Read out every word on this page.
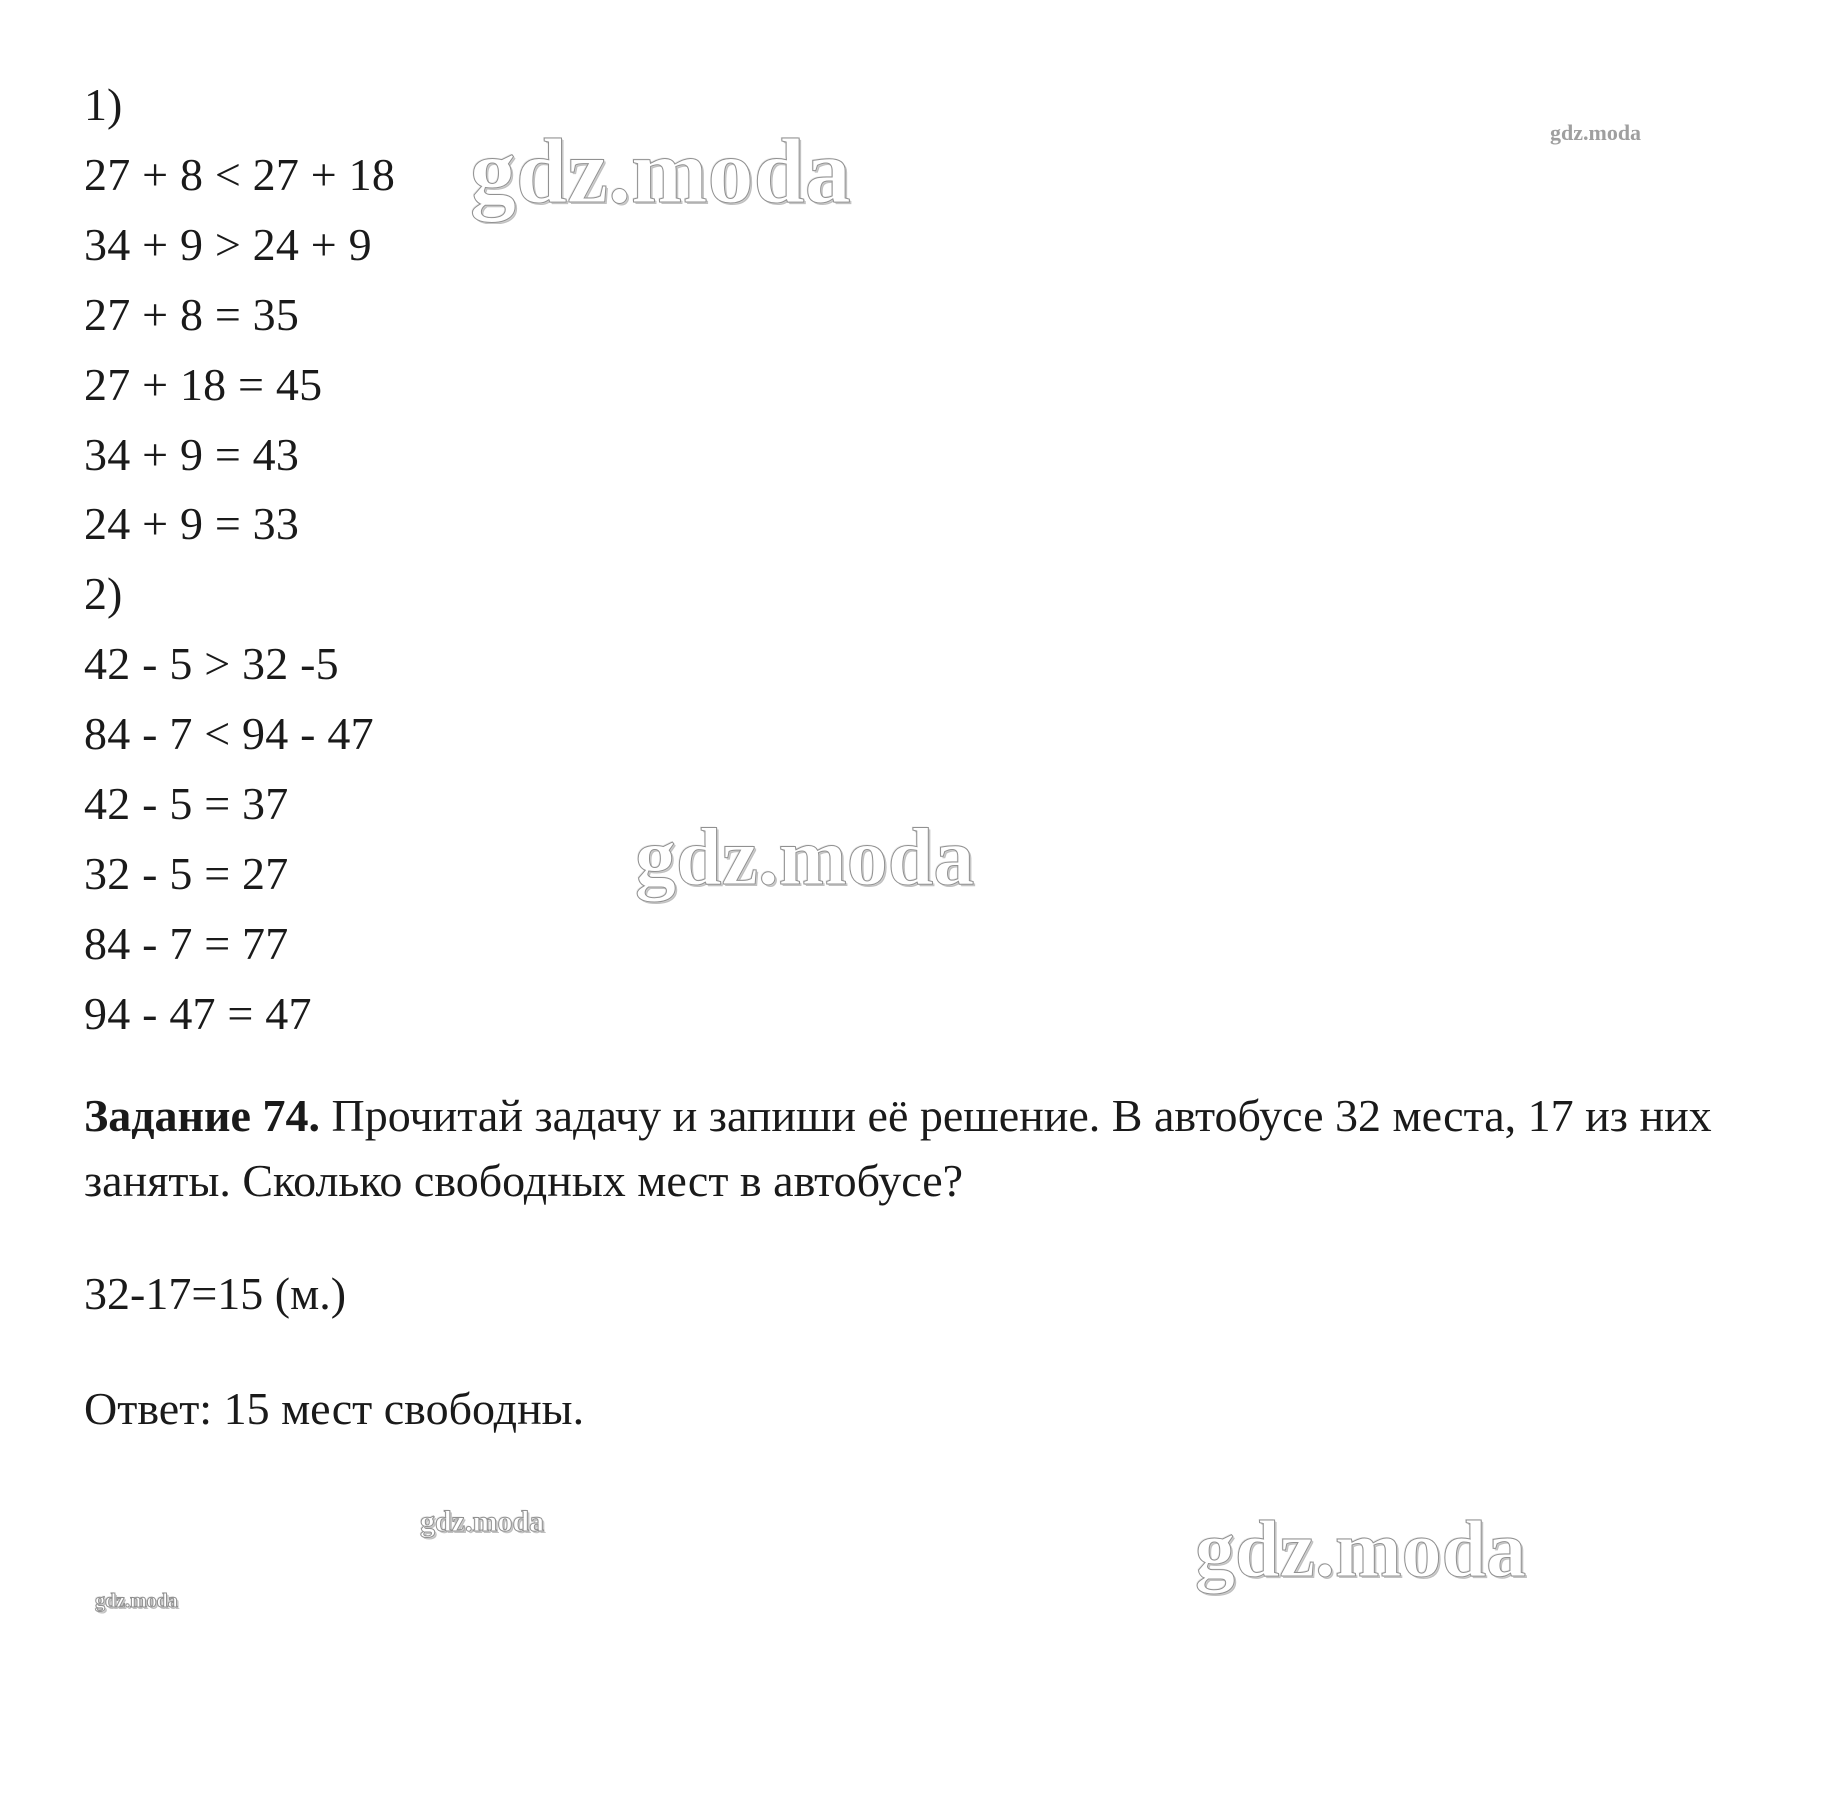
gdz.moda
1)
27 + 8 < 27 + 18
34 + 9 > 24 + 9
27 + 8 = 35
27 + 18 = 45
34 + 9 = 43
24 + 9 = 33
2)
42 - 5 > 32 -5
84 - 7 < 94 - 47
42 - 5 = 37
32 - 5 = 27
84 - 7 = 77
94 - 47 = 47
Задание 74. Прочитай задачу и запиши её решение. В автобусе 32 места, 17 из них заняты. Сколько свободных мест в автобусе?
32-17=15 (м.)
Ответ: 15 мест свободны.
gdz.moda
gdz.moda
gdz.moda
gdz.moda
gdz.moda
